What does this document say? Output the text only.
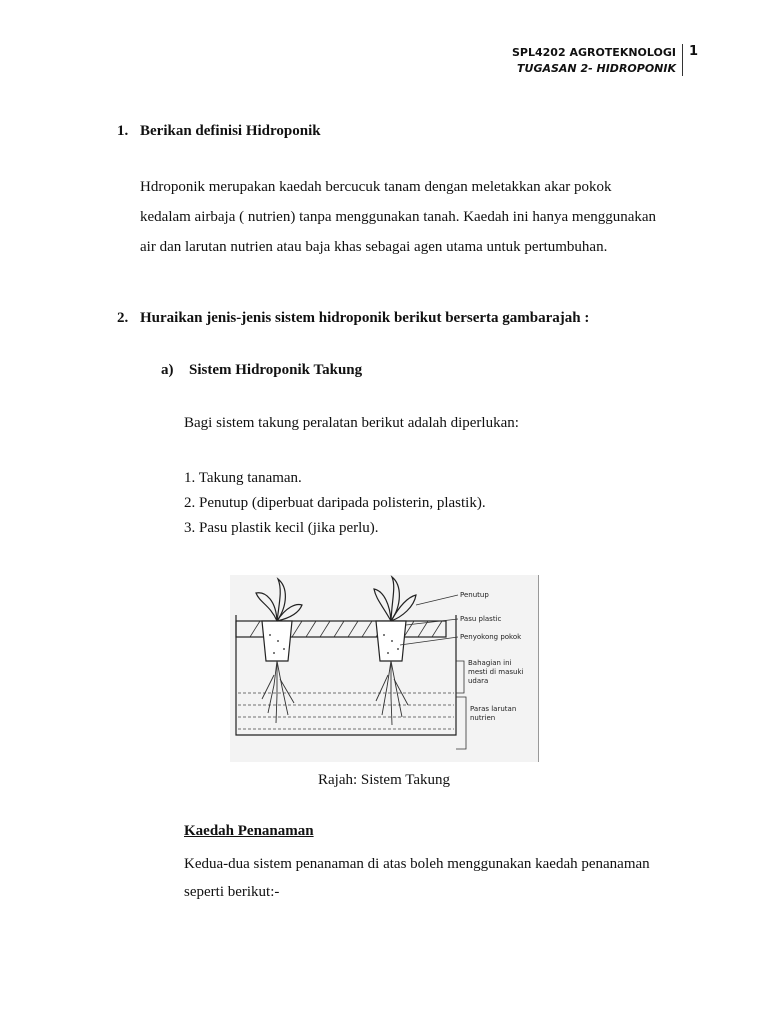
SPL4202 AGROTEKNOLOGI
TUGASAN 2- HIDROPONIK
1
1. Berikan definisi Hidroponik
Hdroponik merupakan kaedah bercucuk tanam dengan meletakkan akar pokok
kedalam airbaja ( nutrien) tanpa menggunakan tanah. Kaedah ini hanya menggunakan
air dan larutan nutrien atau baja khas sebagai agen utama untuk pertumbuhan.
2. Huraikan jenis-jenis sistem hidroponik berikut berserta gambarajah :
a) Sistem Hidroponik Takung
Bagi sistem takung peralatan berikut adalah diperlukan:
1. Takung tanaman.
2. Penutup (diperbuat daripada polisterin, plastik).
3. Pasu plastik kecil (jika perlu).
Penutup
Pasu plastic
Penyokong pokok
Bahagian ini
mesti di masuki
udara
Paras larutan
nutrien
Rajah: Sistem Takung
Kaedah Penanaman
Kedua-dua sistem penanaman di atas boleh menggunakan kaedah penanaman
seperti berikut:-
